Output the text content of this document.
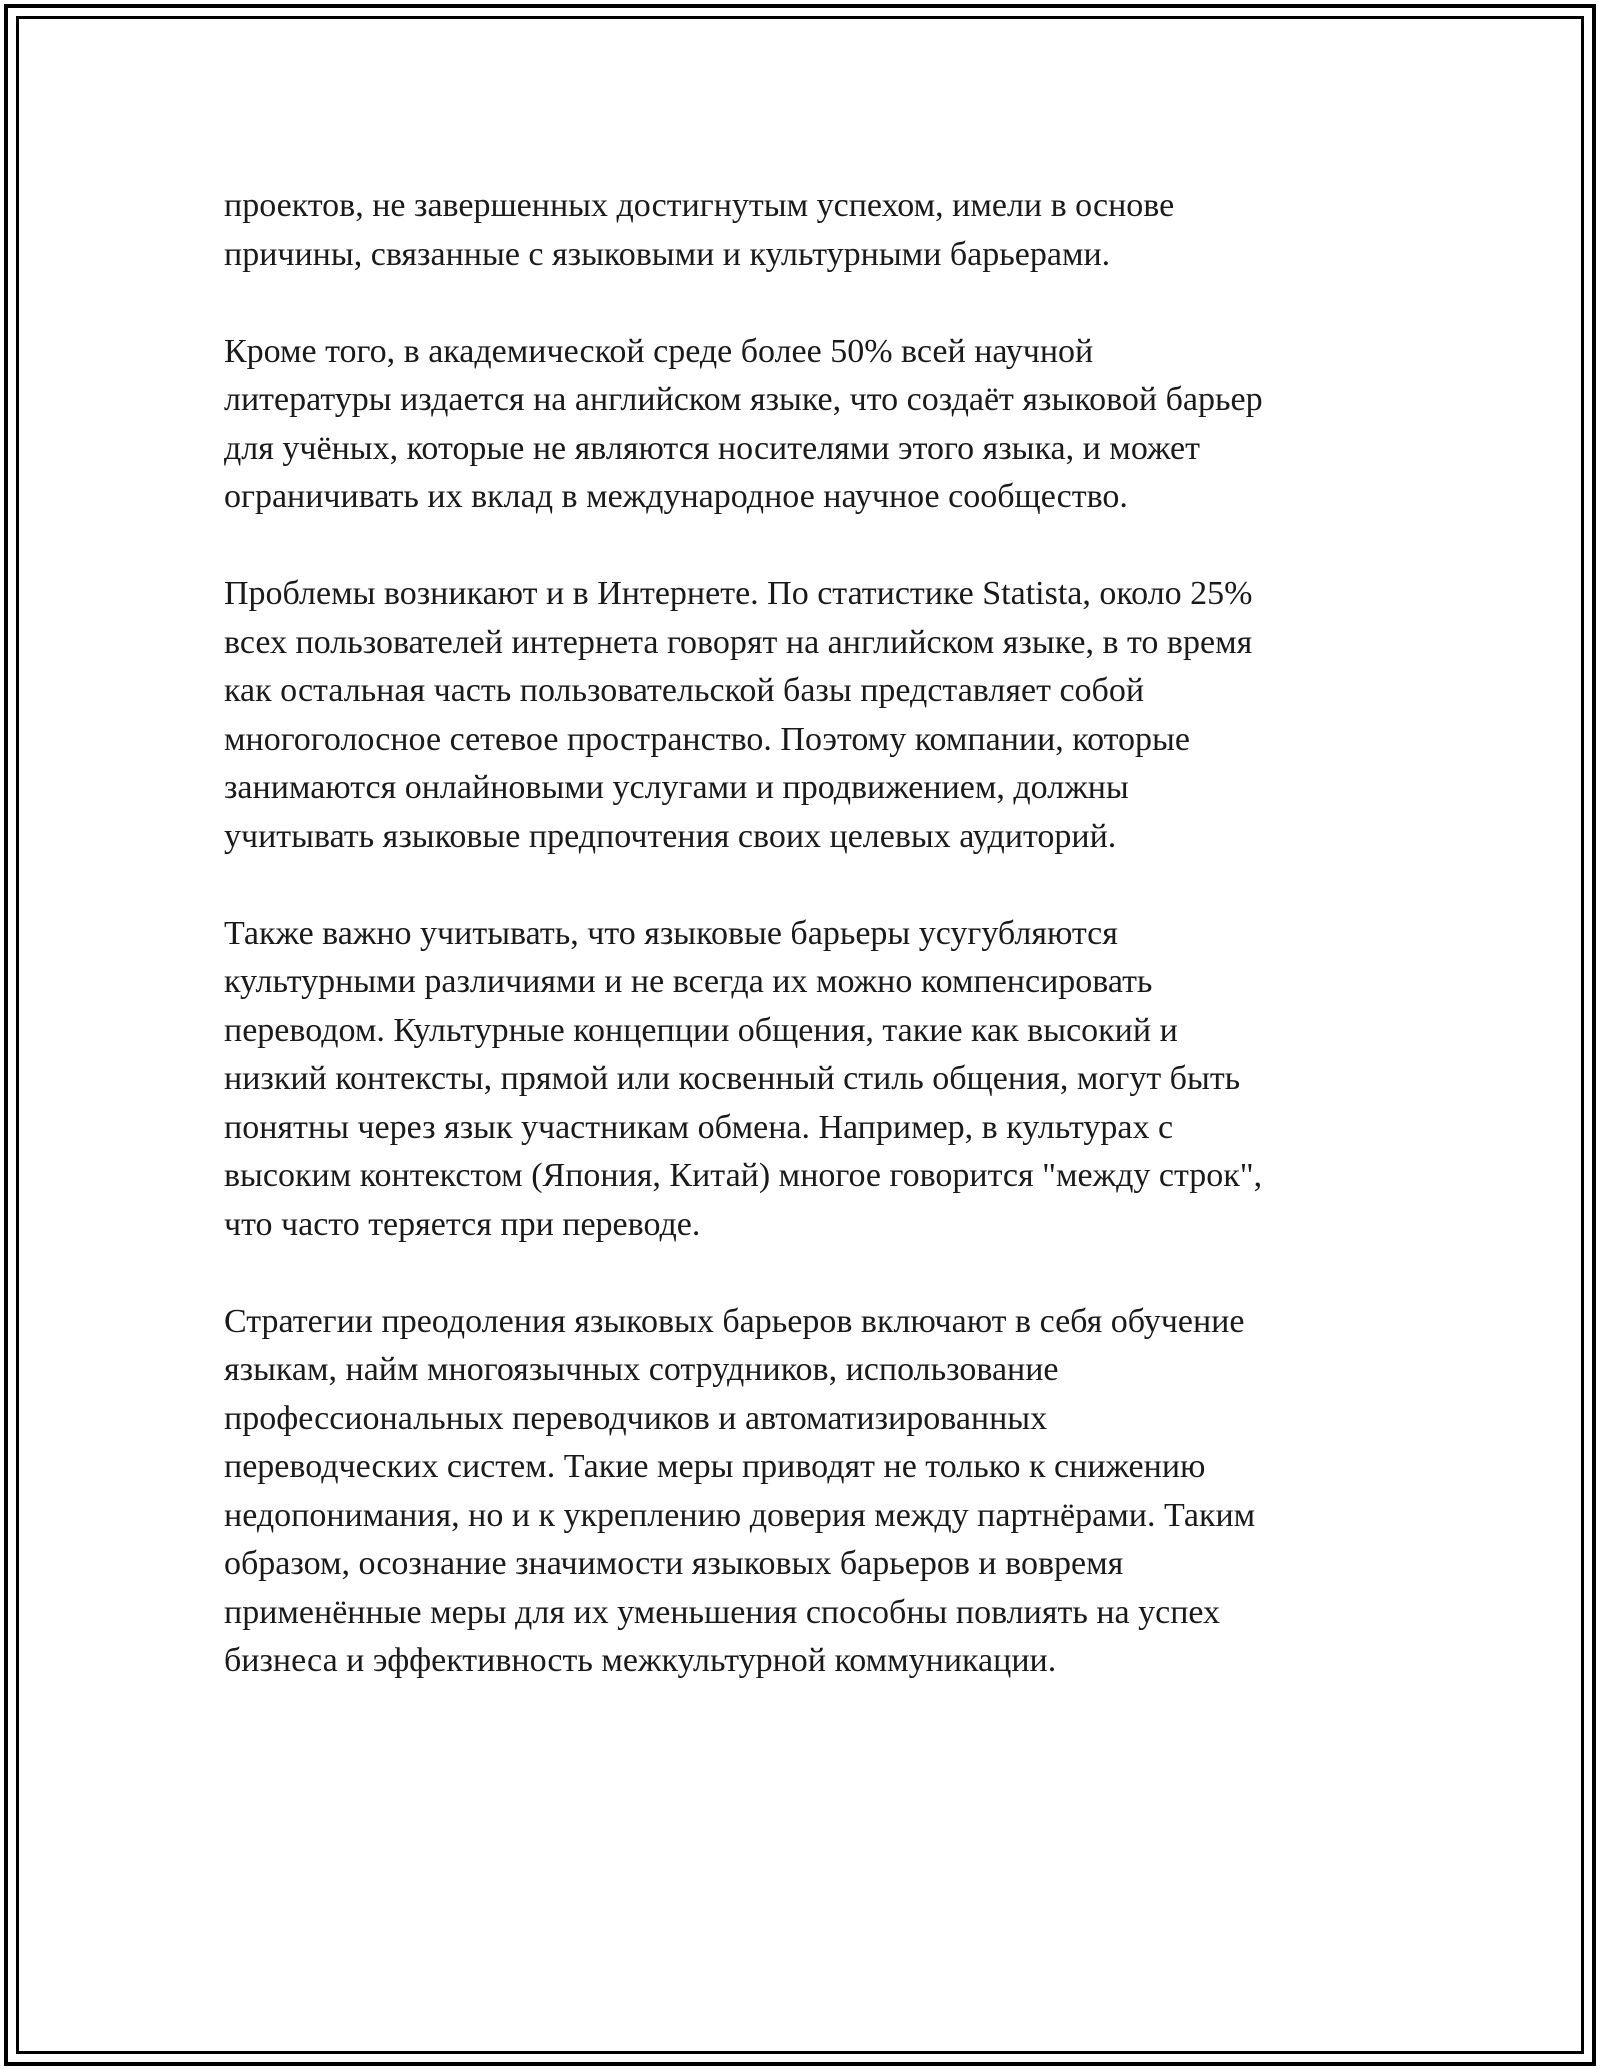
проектов, не завершенных достигнутым успехом, имели в основе
причины, связанные с языковыми и культурными барьерами.

Кроме того, в академической среде более 50% всей научной
литературы издается на английском языке, что создаёт языковой барьер
для учёных, которые не являются носителями этого языка, и может
ограничивать их вклад в международное научное сообщество.

Проблемы возникают и в Интернете. По статистике Statista, около 25%
всех пользователей интернета говорят на английском языке, в то время
как остальная часть пользовательской базы представляет собой
многоголосное сетевое пространство. Поэтому компании, которые
занимаются онлайновыми услугами и продвижением, должны
учитывать языковые предпочтения своих целевых аудиторий.

Также важно учитывать, что языковые барьеры усугубляются
культурными различиями и не всегда их можно компенсировать
переводом. Культурные концепции общения, такие как высокий и
низкий контексты, прямой или косвенный стиль общения, могут быть
понятны через язык участникам обмена. Например, в культурах с
высоким контекстом (Япония, Китай) многое говорится "между строк",
что часто теряется при переводе.

Стратегии преодоления языковых барьеров включают в себя обучение
языкам, найм многоязычных сотрудников, использование
профессиональных переводчиков и автоматизированных
переводческих систем. Такие меры приводят не только к снижению
недопонимания, но и к укреплению доверия между партнёрами. Таким
образом, осознание значимости языковых барьеров и вовремя
применённые меры для их уменьшения способны повлиять на успех
бизнеса и эффективность межкультурной коммуникации.
